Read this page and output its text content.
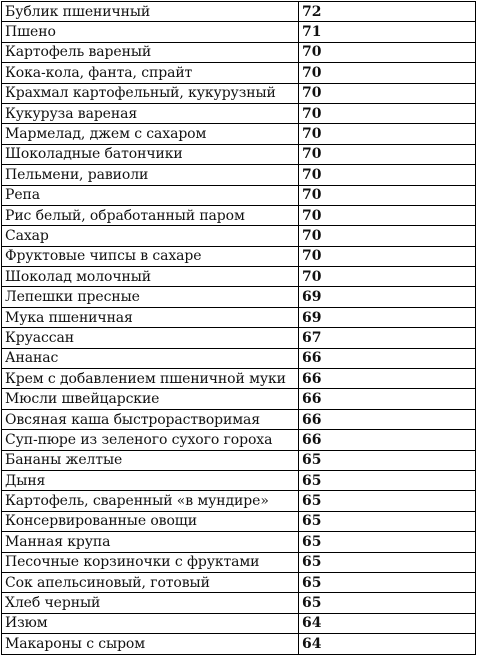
Бублик пшеничный	72
Пшено	71
Картофель вареный	70
Кока-кола, фанта, спрайт	70
Крахмал картофельный, кукурузный	70
Кукуруза вареная	70
Мармелад, джем с сахаром	70
Шоколадные батончики	70
Пельмени, равиоли	70
Репа	70
Рис белый, обработанный паром	70
Сахар	70
Фруктовые чипсы в сахаре	70
Шоколад молочный	70
Лепешки пресные	69
Мука пшеничная	69
Круассан	67
Ананас	66
Крем с добавлением пшеничной муки	66
Мюсли швейцарские	66
Овсяная каша быстрорастворимая	66
Суп-пюре из зеленого сухого гороха	66
Бананы желтые	65
Дыня	65
Картофель, сваренный «в мундире»	65
Консервированные овощи	65
Манная крупа	65
Песочные корзиночки с фруктами	65
Сок апельсиновый, готовый	65
Хлеб черный	65
Изюм	64
Макароны с сыром	64
